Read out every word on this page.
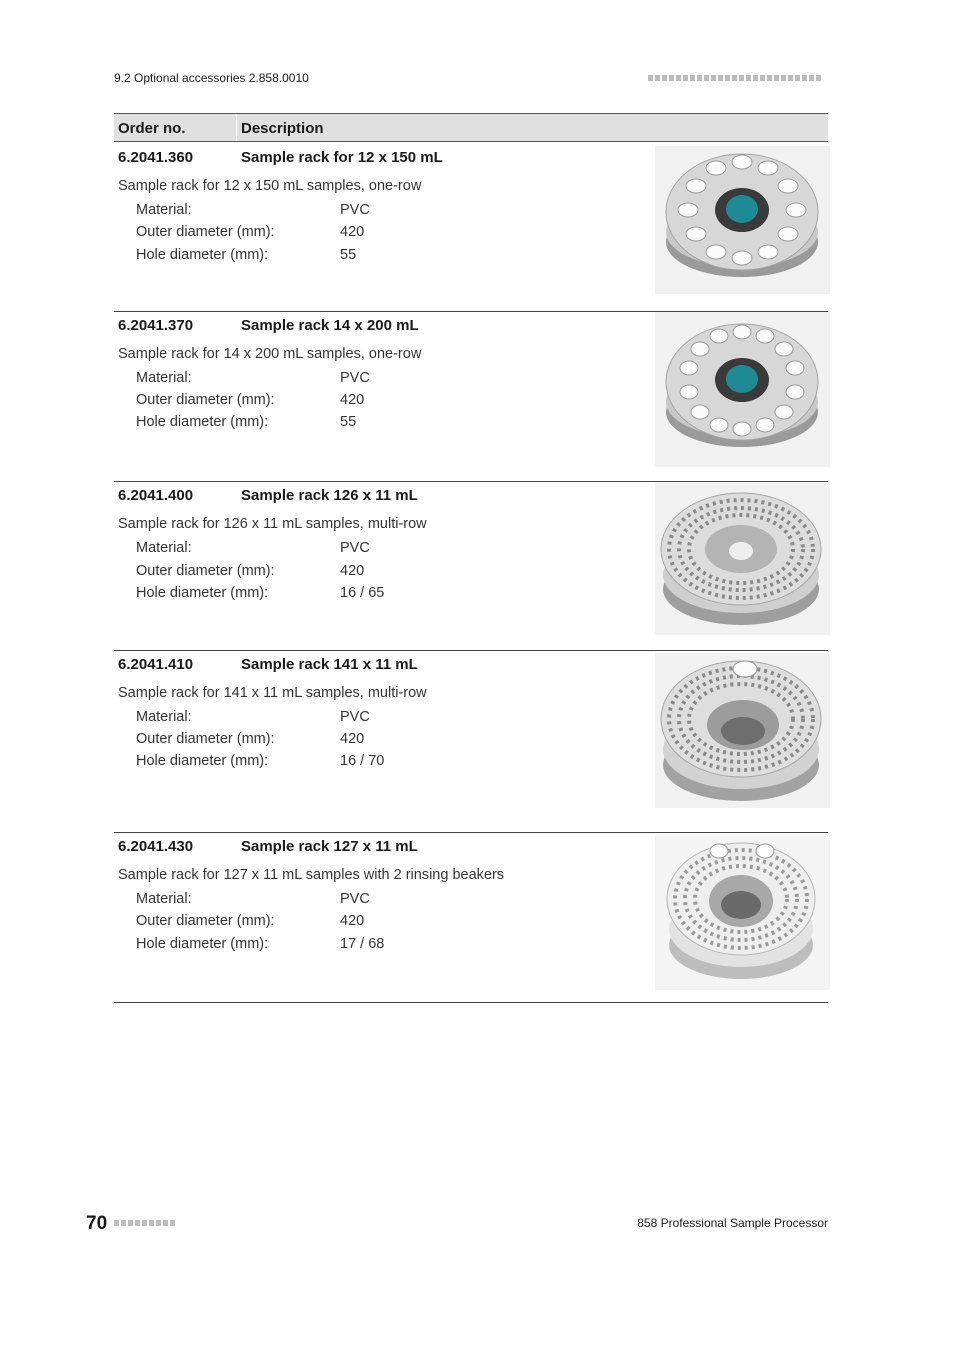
9.2 Optional accessories 2.858.0010
Order no.	Description
6.2041.360	Sample rack for 12 x 150 mL
Sample rack for 12 x 150 mL samples, one-row
Material:	PVC
Outer diameter (mm):	420
Hole diameter (mm):	55
6.2041.370	Sample rack 14 x 200 mL
Sample rack for 14 x 200 mL samples, one-row
Material:	PVC
Outer diameter (mm):	420
Hole diameter (mm):	55
6.2041.400	Sample rack 126 x 11 mL
Sample rack for 126 x 11 mL samples, multi-row
Material:	PVC
Outer diameter (mm):	420
Hole diameter (mm):	16 / 65
6.2041.410	Sample rack 141 x 11 mL
Sample rack for 141 x 11 mL samples, multi-row
Material:	PVC
Outer diameter (mm):	420
Hole diameter (mm):	16 / 70
6.2041.430	Sample rack 127 x 11 mL
Sample rack for 127 x 11 mL samples with 2 rinsing beakers
Material:	PVC
Outer diameter (mm):	420
Hole diameter (mm):	17 / 68
70	858 Professional Sample Processor
